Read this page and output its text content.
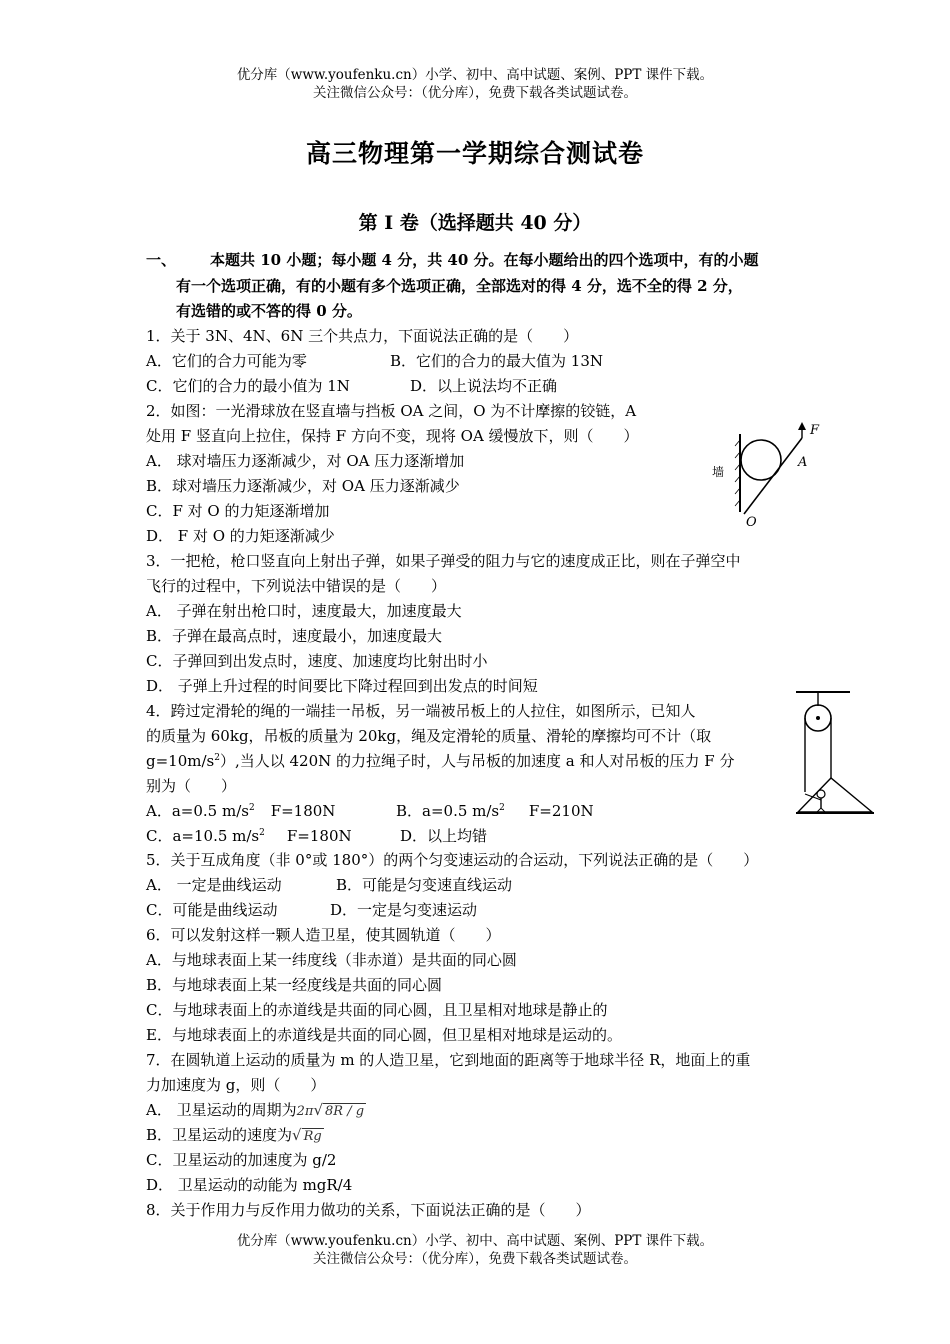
优分库（www.youfenku.cn）小学、初中、高中试题、案例、PPT 课件下载。
关注微信公众号：（优分库），免费下载各类试题试卷。
高三物理第一学期综合测试卷
第 I 卷（选择题共 40 分）
一、 本题共 10 小题；每小题 4 分，共 40 分。在每小题给出的四个选项中，有的小题
有一个选项正确，有的小题有多个选项正确，全部选对的得 4 分，选不全的得 2 分，
有选错的或不答的得 0 分。
1．关于 3N、4N、6N 三个共点力，下面说法正确的是（　　）
A．它们的合力可能为零	B．它们的合力的最大值为 13N
C．它们的合力的最小值为 1N	D．以上说法均不正确
2．如图：一光滑球放在竖直墙与挡板 OA 之间，O 为不计摩擦的铰链，A
处用 F 竖直向上拉住，保持 F 方向不变，现将 OA 缓慢放下，则（　　）
A． 球对墙压力逐渐减少，对 OA 压力逐渐增加
B．球对墙压力逐渐减少，对 OA 压力逐渐减少
C．F 对 O 的力矩逐渐增加
D． F 对 O 的力矩逐渐减少
墙
F
A
O
3．一把枪，枪口竖直向上射出子弹，如果子弹受的阻力与它的速度成正比，则在子弹空中
飞行的过程中，下列说法中错误的是（　　）
A． 子弹在射出枪口时，速度最大，加速度最大
B．子弹在最高点时，速度最小，加速度最大
C．子弹回到出发点时，速度、加速度均比射出时小
D． 子弹上升过程的时间要比下降过程回到出发点的时间短
4．跨过定滑轮的绳的一端挂一吊板，另一端被吊板上的人拉住，如图所示，已知人
的质量为 60kg，吊板的质量为 20kg，绳及定滑轮的质量、滑轮的摩擦均可不计（取
$g=10m/s^2$）,当人以 420N 的力拉绳子时，人与吊板的加速度 a 和人对吊板的压力 F 分
别为（　　）
A．a=0.5 $m/s^2$ F=180N	B．a=0.5 $m/s^2$ F=210N
C．a=10.5 $m/s^2$ F=180N	D．以上均错
5．关于互成角度（非 0°或 180°）的两个匀变速运动的合运动，下列说法正确的是（　　）
A． 一定是曲线运动	B．可能是匀变速直线运动
C．可能是曲线运动	D．一定是匀变速运动
6．可以发射这样一颗人造卫星，使其圆轨道（　　）
A．与地球表面上某一纬度线（非赤道）是共面的同心圆
B．与地球表面上某一经度线是共面的同心圆
C．与地球表面上的赤道线是共面的同心圆，且卫星相对地球是静止的
E．与地球表面上的赤道线是共面的同心圆，但卫星相对地球是运动的。
7．在圆轨道上运动的质量为 m 的人造卫星，它到地面的距离等于地球半径 R，地面上的重
力加速度为 g，则（　　）
A． 卫星运动的周期为2π√ 8R / g
B．卫星运动的速度为√ Rg
C．卫星运动的加速度为 g/2
D． 卫星运动的动能为 mgR/4
8．关于作用力与反作用力做功的关系，下面说法正确的是（　　）
优分库（www.youfenku.cn）小学、初中、高中试题、案例、PPT 课件下载。
关注微信公众号：（优分库），免费下载各类试题试卷。
